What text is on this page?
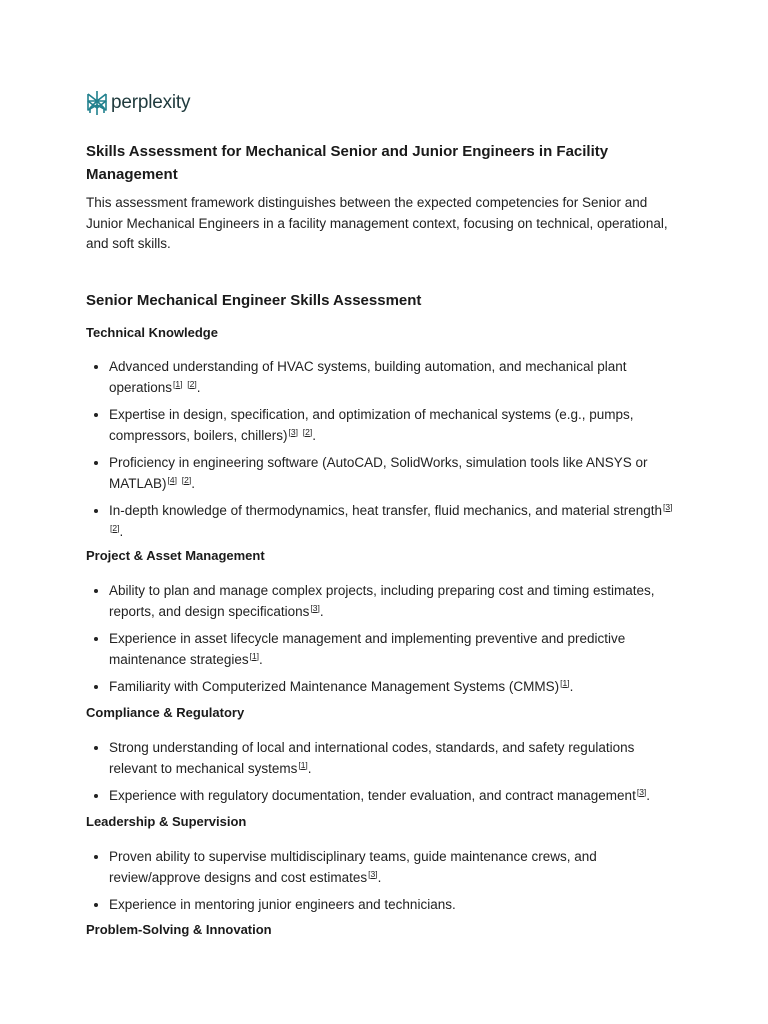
perplexity
Skills Assessment for Mechanical Senior and Junior Engineers in Facility Management

This assessment framework distinguishes between the expected competencies for Senior and Junior Mechanical Engineers in a facility management context, focusing on technical, operational, and soft skills.

Senior Mechanical Engineer Skills Assessment
Technical Knowledge
Advanced understanding of HVAC systems, building automation, and mechanical plant operations[1] [2].
Expertise in design, specification, and optimization of mechanical systems (e.g., pumps, compressors, boilers, chillers)[3] [2].
Proficiency in engineering software (AutoCAD, SolidWorks, simulation tools like ANSYS or MATLAB)[4] [2].
In-depth knowledge of thermodynamics, heat transfer, fluid mechanics, and material strength[3] [2].
Project & Asset Management
Ability to plan and manage complex projects, including preparing cost and timing estimates, reports, and design specifications[3].
Experience in asset lifecycle management and implementing preventive and predictive maintenance strategies[1].
Familiarity with Computerized Maintenance Management Systems (CMMS)[1].
Compliance & Regulatory
Strong understanding of local and international codes, standards, and safety regulations relevant to mechanical systems[1].
Experience with regulatory documentation, tender evaluation, and contract management[3].
Leadership & Supervision
Proven ability to supervise multidisciplinary teams, guide maintenance crews, and review/approve designs and cost estimates[3].
Experience in mentoring junior engineers and technicians.
Problem-Solving & Innovation
